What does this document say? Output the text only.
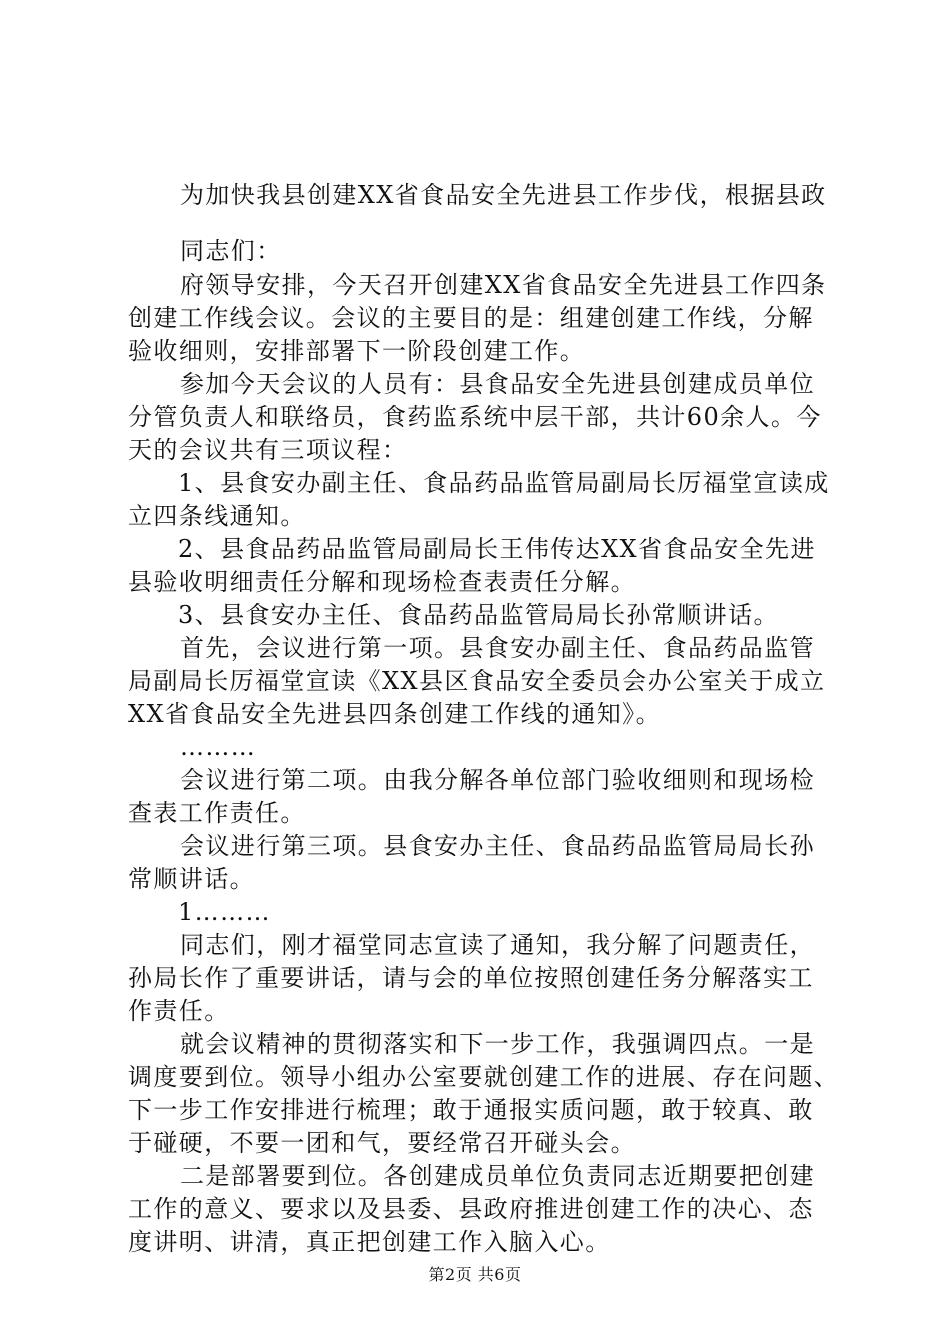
为加快我县创建XX省食品安全先进县工作步伐，根据县政
同志们：
府领导安排，今天召开创建XX省食品安全先进县工作四条
创建工作线会议。会议的主要目的是：组建创建工作线，分解
验收细则，安排部署下一阶段创建工作。
参加今天会议的人员有：县食品安全先进县创建成员单位
分管负责人和联络员，食药监系统中层干部，共计60余人。今
天的会议共有三项议程：
1、县食安办副主任、食品药品监管局副局长厉福堂宣读成
立四条线通知。
2、县食品药品监管局副局长王伟传达XX省食品安全先进
县验收明细责任分解和现场检查表责任分解。
3、县食安办主任、食品药品监管局局长孙常顺讲话。
首先，会议进行第一项。县食安办副主任、食品药品监管
局副局长厉福堂宣读《XX县区食品安全委员会办公室关于成立
XX省食品安全先进县四条创建工作线的通知》。
………
会议进行第二项。由我分解各单位部门验收细则和现场检
查表工作责任。
会议进行第三项。县食安办主任、食品药品监管局局长孙
常顺讲话。
1………
同志们，刚才福堂同志宣读了通知，我分解了问题责任，
孙局长作了重要讲话，请与会的单位按照创建任务分解落实工
作责任。
就会议精神的贯彻落实和下一步工作，我强调四点。一是
调度要到位。领导小组办公室要就创建工作的进展、存在问题、
下一步工作安排进行梳理；敢于通报实质问题，敢于较真、敢
于碰硬，不要一团和气，要经常召开碰头会。
二是部署要到位。各创建成员单位负责同志近期要把创建
工作的意义、要求以及县委、县政府推进创建工作的决心、态
度讲明、讲清，真正把创建工作入脑入心。
第2页 共6页
